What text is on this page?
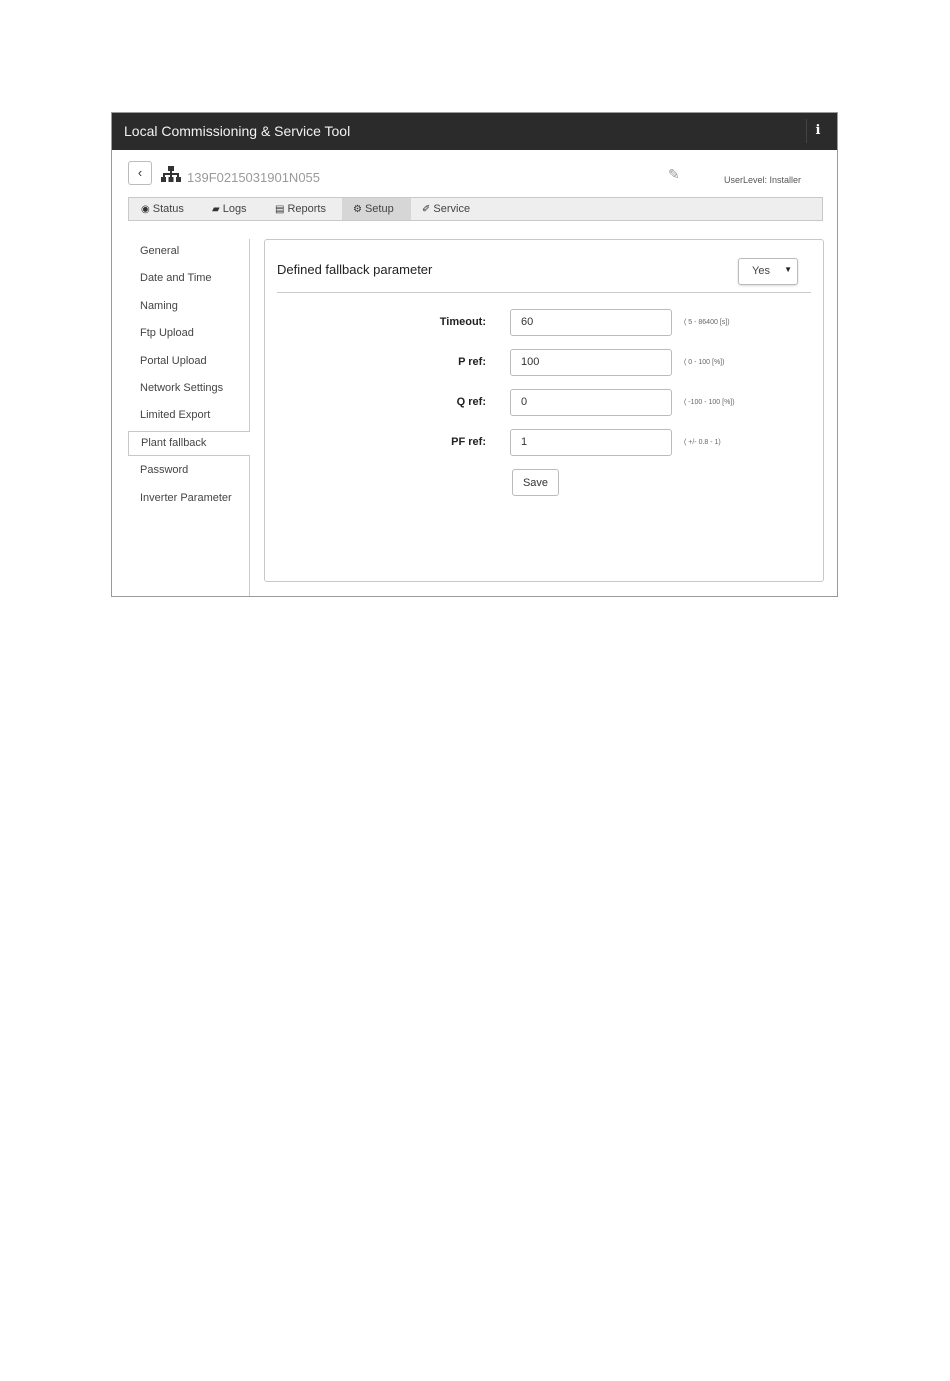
Local Commissioning & Service Tool	i
‹	139F0215031901N055	✎	UserLevel: Installer
◉ Status	▰ Logs	▤ Reports	⚙ Setup	✐ Service
General
Date and Time
Naming
Ftp Upload
Portal Upload
Network Settings
Limited Export
Plant fallback
Password
Inverter Parameter
Defined fallback parameter	Yes ▼
Timeout:	60	( 5 - 86400 [s])
P ref:	100	( 0 - 100 [%])
Q ref:	0	( -100 - 100 [%])
PF ref:	1	( +/- 0.8 - 1)
Save
